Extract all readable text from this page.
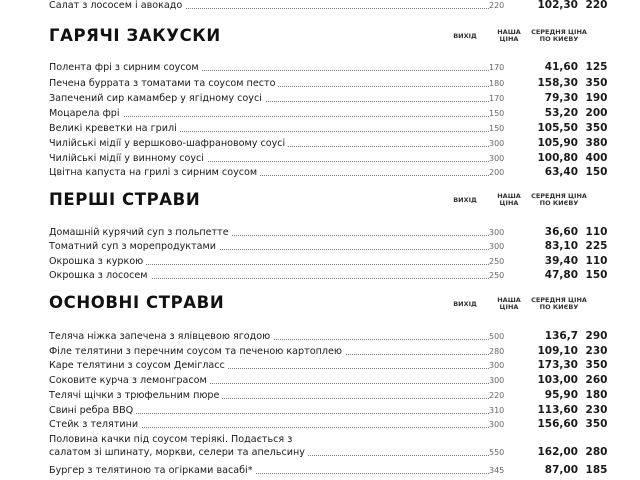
Салат з лососем і авокадо	220	102,30 220
ГАРЯЧІ ЗАКУСКИ	ВИХІД	НАША ЦІНА
СЕРЕДНЯ ЦІНА ПО КИЄВУ
Полента фрі з сирним соусом	170	41,60 125
Печена буррата з томатами та соусом песто	180	158,30 350
Запечений сир камамбер у ягідному соусі	170	79,30 190
Моцарела фрі	150	53,20 200
Великі креветки на грилі	150	105,50 350
Чилійські мідії у вершково-шафрановому соусі	300	105,90 380
Чилійські мідії у винному соусі	300	100,80 400
Цвітна капуста на грилі з сирним соусом	200	63,40 150
ПЕРШІ СТРАВИ	ВИХІД	НАША ЦІНА
СЕРЕДНЯ ЦІНА ПО КИЄВУ
Домашній курячий суп з польпетте	300	36,60 110
Томатний суп з морепродуктами	300	83,10 225
Окрошка з куркою	250	39,40 110
Окрошка з лососем	250	47,80 150
ОСНОВНІ СТРАВИ	ВИХІД	НАША ЦІНА
СЕРЕДНЯ ЦІНА ПО КИЄВУ
Теляча ніжка запечена з ялівцевою ягодою	500	136,7 290
Філе телятини з перечним соусом та печеною картоплею	280	109,10 230
Каре телятини з соусом Демігласс	300	173,30 350
Соковите курча з лемонграсом	300	103,00 260
Телячі щічки з трюфельним пюре	220	95,90 180
Свині ребра BBQ	310	113,60 230
Стейк з телятини	300	156,60 350
Половина качки під соусом теріякі. Подається з
салатом зі шпинату, моркви, селери та апельсину	550	162,00 280
Бургер з телятиною та огірками васабі*	345	87,00 185
